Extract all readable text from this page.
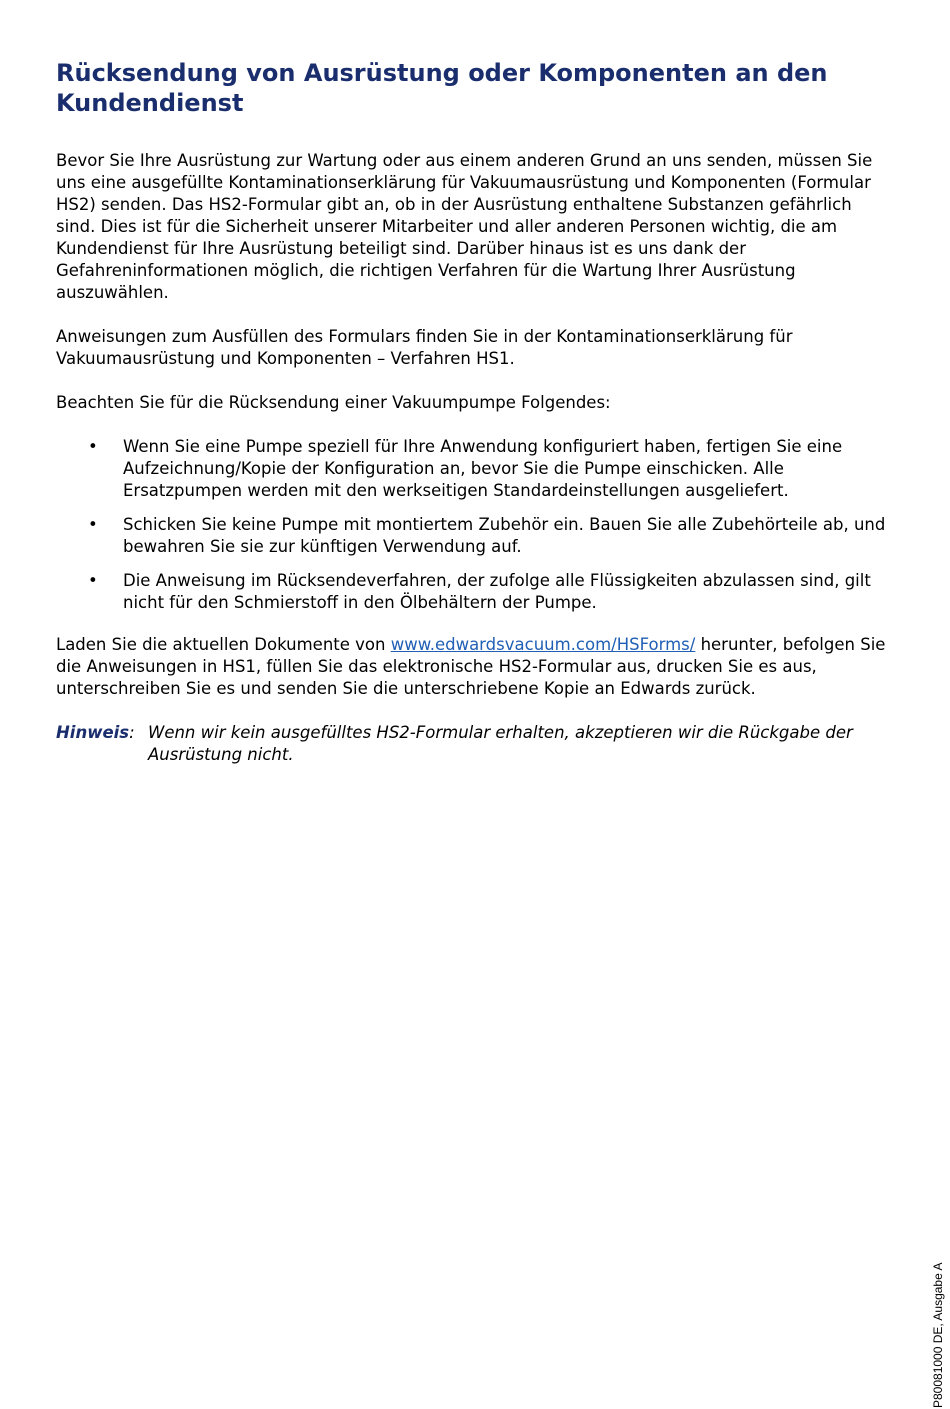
Rücksendung von Ausrüstung oder Komponenten an den Kundendienst

Bevor Sie Ihre Ausrüstung zur Wartung oder aus einem anderen Grund an uns senden, müssen Sie uns eine ausgefüllte Kontaminationserklärung für Vakuumausrüstung und Komponenten (Formular HS2) senden. Das HS2-Formular gibt an, ob in der Ausrüstung enthaltene Substanzen gefährlich sind. Dies ist für die Sicherheit unserer Mitarbeiter und aller anderen Personen wichtig, die am Kundendienst für Ihre Ausrüstung beteiligt sind. Darüber hinaus ist es uns dank der Gefahreninformationen möglich, die richtigen Verfahren für die Wartung Ihrer Ausrüstung auszuwählen.

Anweisungen zum Ausfüllen des Formulars finden Sie in der Kontaminationserklärung für Vakuumausrüstung und Komponenten – Verfahren HS1.

Beachten Sie für die Rücksendung einer Vakuumpumpe Folgendes:

• Wenn Sie eine Pumpe speziell für Ihre Anwendung konfiguriert haben, fertigen Sie eine Aufzeichnung/Kopie der Konfiguration an, bevor Sie die Pumpe einschicken. Alle Ersatzpumpen werden mit den werkseitigen Standardeinstellungen ausgeliefert.
• Schicken Sie keine Pumpe mit montiertem Zubehör ein. Bauen Sie alle Zubehörteile ab, und bewahren Sie sie zur künftigen Verwendung auf.
• Die Anweisung im Rücksendeverfahren, der zufolge alle Flüssigkeiten abzulassen sind, gilt nicht für den Schmierstoff in den Ölbehältern der Pumpe.

Laden Sie die aktuellen Dokumente von www.edwardsvacuum.com/HSForms/ herunter, befolgen Sie die Anweisungen in HS1, füllen Sie das elektronische HS2-Formular aus, drucken Sie es aus, unterschreiben Sie es und senden Sie die unterschriebene Kopie an Edwards zurück.

Hinweis: Wenn wir kein ausgefülltes HS2-Formular erhalten, akzeptieren wir die Rückgabe der Ausrüstung nicht.
P80081000 DE, Ausgabe A
